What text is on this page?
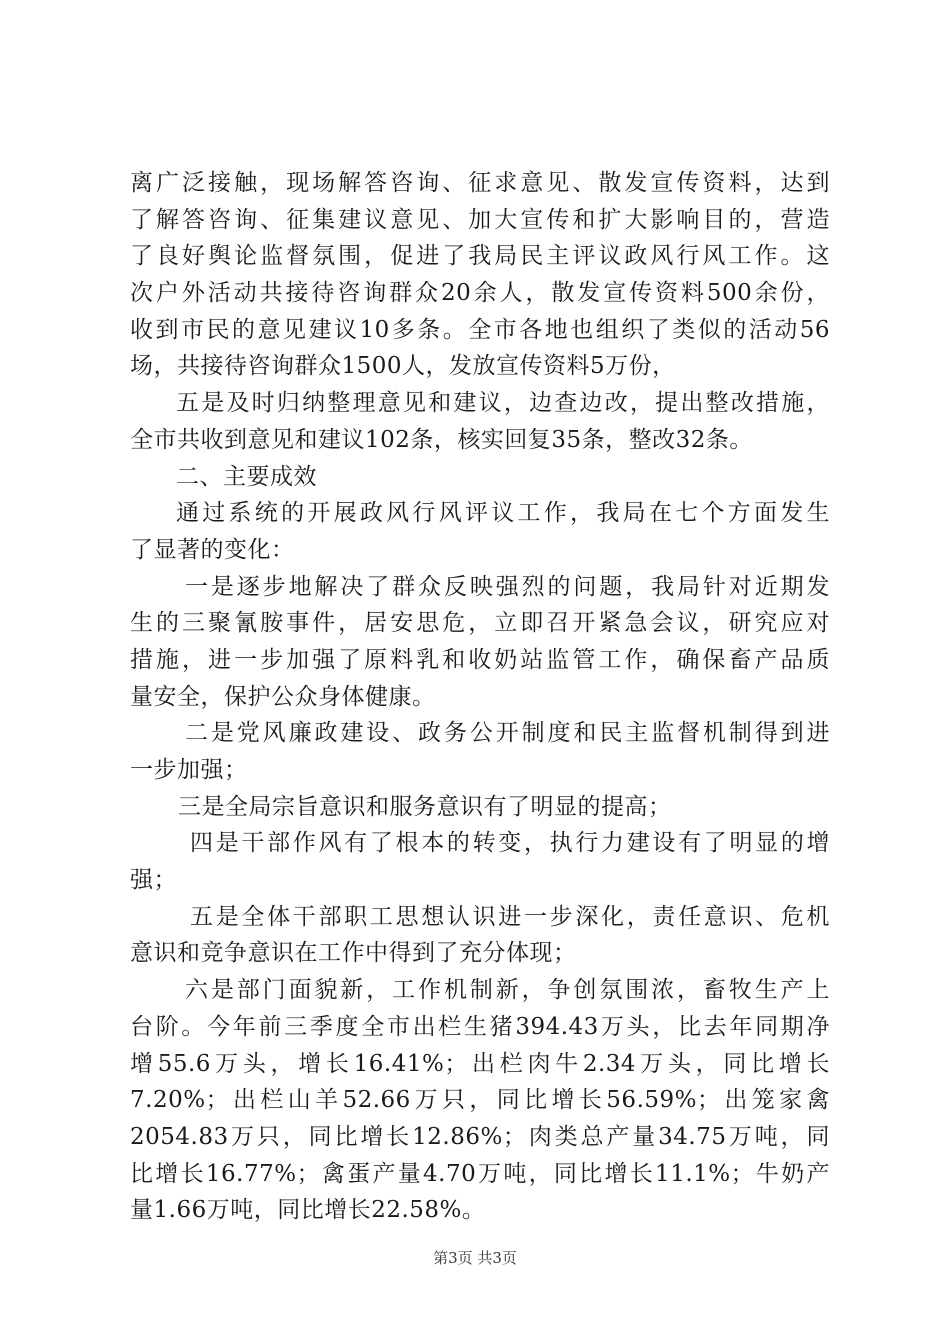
离广泛接触，现场解答咨询、征求意见、散发宣传资料，达到
了解答咨询、征集建议意见、加大宣传和扩大影响目的，营造
了良好舆论监督氛围，促进了我局民主评议政风行风工作。这
次户外活动共接待咨询群众20余人，散发宣传资料500余份，
收到市民的意见建议10多条。全市各地也组织了类似的活动56
场，共接待咨询群众1500人，发放宣传资料5万份，
五是及时归纳整理意见和建议，边查边改，提出整改措施，
全市共收到意见和建议102条，核实回复35条，整改32条。
二、主要成效
通过系统的开展政风行风评议工作，我局在七个方面发生
了显著的变化：
一是逐步地解决了群众反映强烈的问题，我局针对近期发
生的三聚氰胺事件，居安思危，立即召开紧急会议，研究应对
措施，进一步加强了原料乳和收奶站监管工作，确保畜产品质
量安全，保护公众身体健康。
二是党风廉政建设、政务公开制度和民主监督机制得到进
一步加强；
三是全局宗旨意识和服务意识有了明显的提高；
四是干部作风有了根本的转变，执行力建设有了明显的增
强；
五是全体干部职工思想认识进一步深化，责任意识、危机
意识和竞争意识在工作中得到了充分体现；
六是部门面貌新，工作机制新，争创氛围浓，畜牧生产上
台阶。今年前三季度全市出栏生猪394.43万头，比去年同期净
增55.6万头，增长16.41%；出栏肉牛2.34万头，同比增长
7.20%；出栏山羊52.66万只，同比增长56.59%；出笼家禽
2054.83万只，同比增长12.86%；肉类总产量34.75万吨，同
比增长16.77%；禽蛋产量4.70万吨，同比增长11.1%；牛奶产
量1.66万吨，同比增长22.58%。
第3页 共3页
